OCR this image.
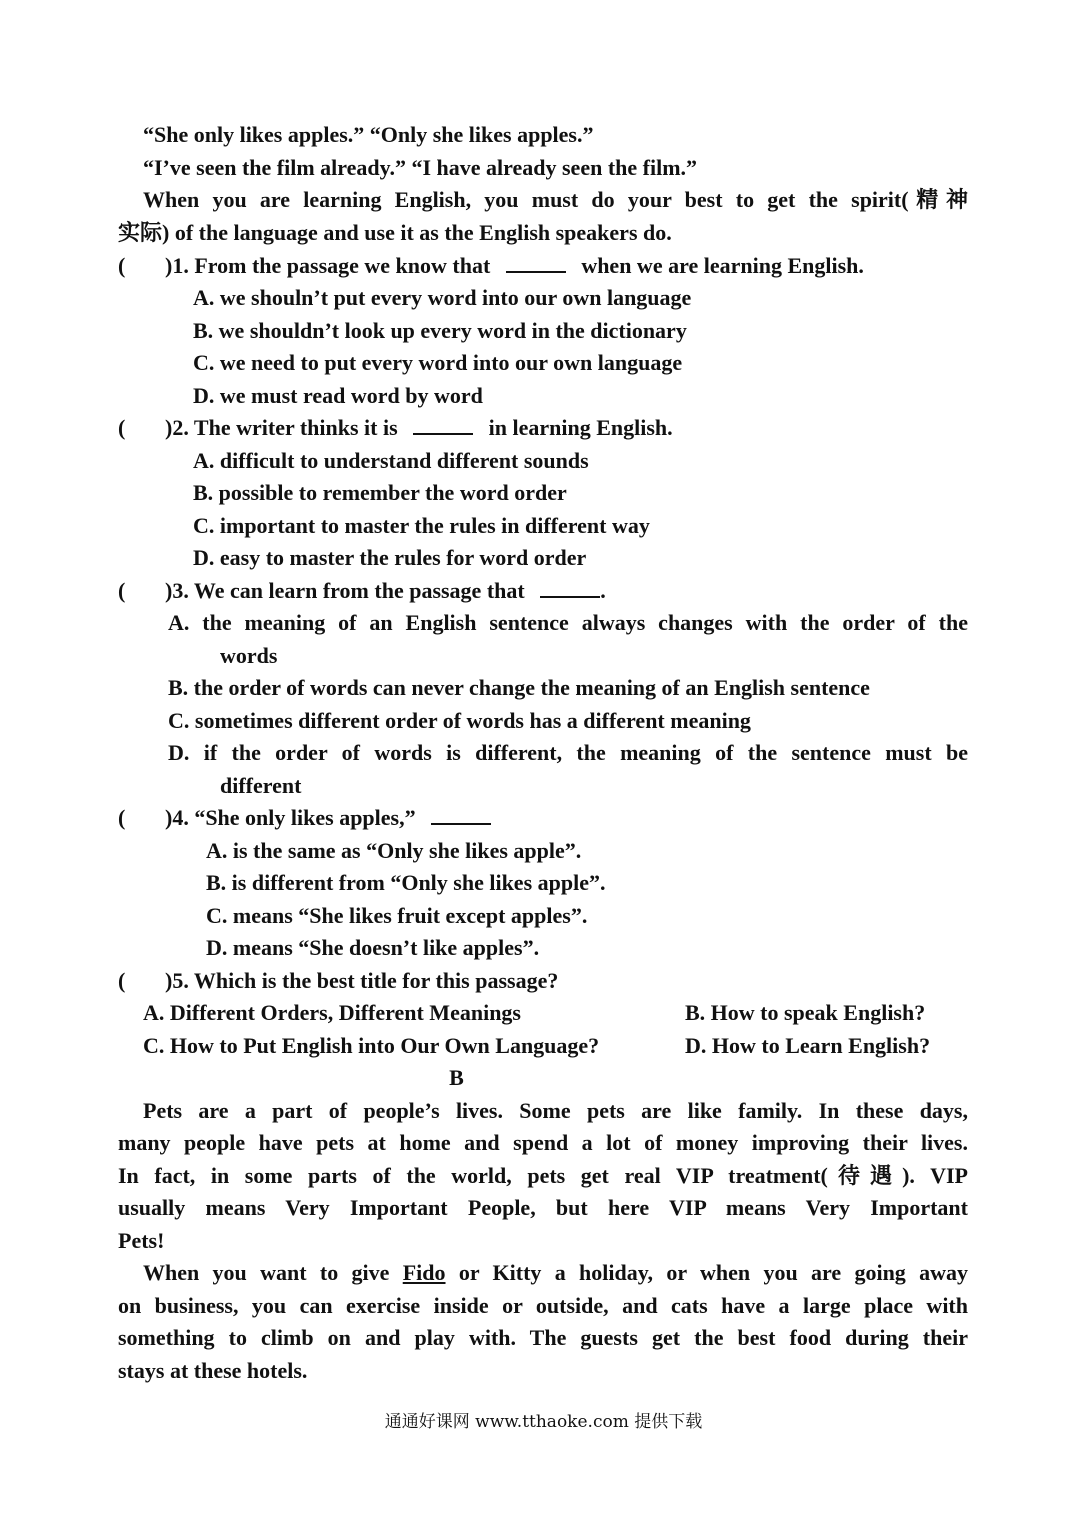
“She only likes apples.” “Only she likes apples.”
“I’ve seen the film already.” “I have already seen the film.”
When you are learning English, you must do your best to get the spirit(精神
实际) of the language and use it as the English speakers do.
( )1. From the passage we know that	when we are learning English.
A. we shouln’t put every word into our own language
B. we shouldn’t look up every word in the dictionary
C. we need to put every word into our own language
D. we must read word by word
( )2. The writer thinks it is	in learning English.
A. difficult to understand different sounds
B. possible to remember the word order
C. important to master the rules in different way
D. easy to master the rules for word order
( )3. We can learn from the passage that	.
A. the meaning of an English sentence always changes with the order of the
words
B. the order of words can never change the meaning of an English sentence
C. sometimes different order of words has a different meaning
D. if the order of words is different, the meaning of the sentence must be
different
( )4. “She only likes apples,”
A. is the same as “Only she likes apple”.
B. is different from “Only she likes apple”.
C. means “She likes fruit except apples”.
D. means “She doesn’t like apples”.
( )5. Which is the best title for this passage?
A. Different Orders, Different Meanings	B. How to speak English?
C. How to Put English into Our Own Language?	D. How to Learn English?
B
Pets are a part of people’s lives. Some pets are like family. In these days,
many people have pets at home and spend a lot of money improving their lives.
In fact, in some parts of the world, pets get real VIP treatment(待遇). VIP
usually means Very Important People, but here VIP means Very Important
Pets!
When you want to give Fido or Kitty a holiday, or when you are going away
on business, you can exercise inside or outside, and cats have a large place with
something to climb on and play with. The guests get the best food during their
stays at these hotels.
通通好课网 www.tthaoke.com 提供下载
